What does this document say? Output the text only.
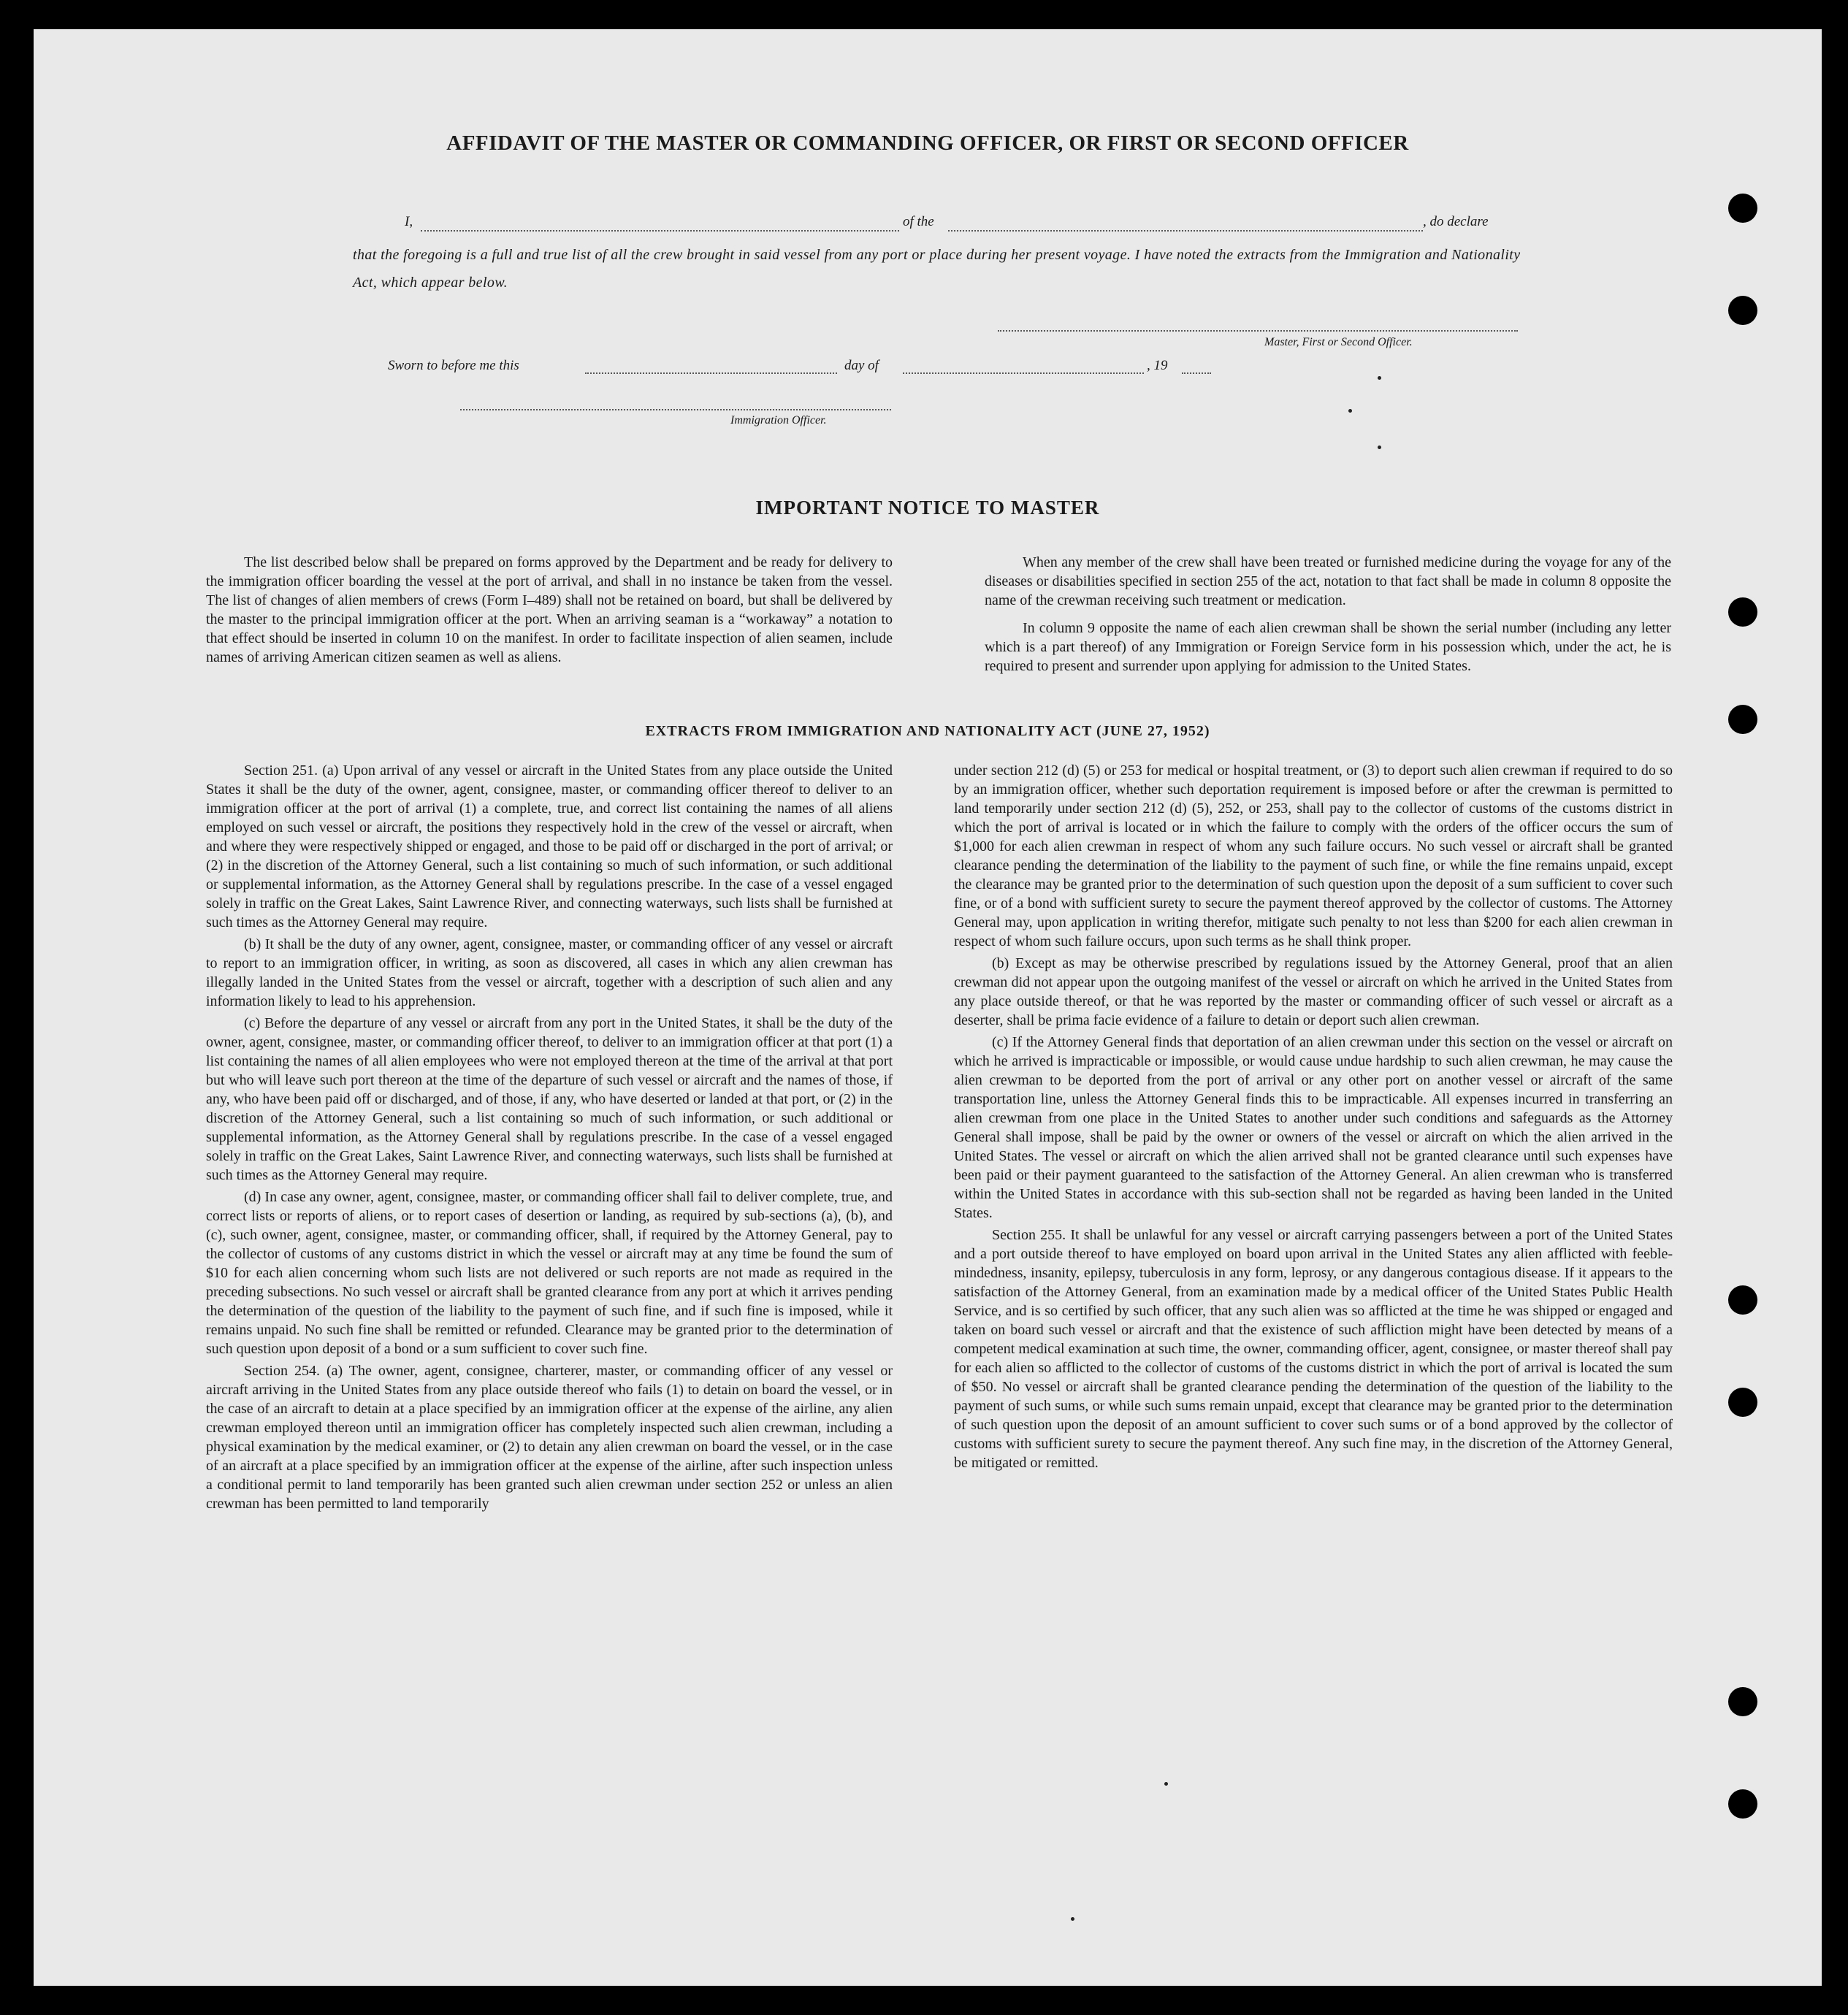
AFFIDAVIT OF THE MASTER OR COMMANDING OFFICER, OR FIRST OR SECOND OFFICER
I,	of the	, do declare
that the foregoing is a full and true list of all the crew brought in said vessel from any port or place during her present voyage. I have noted the extracts from the Immigration and Nationality Act, which appear below.
Master, First or Second Officer.
Sworn to before me this	day of	, 19
Immigration Officer.
IMPORTANT NOTICE TO MASTER

The list described below shall be prepared on forms approved by the Department and be ready for delivery to the immigration officer boarding the vessel at the port of arrival, and shall in no instance be taken from the vessel. The list of changes of alien members of crews (Form I–489) shall not be retained on board, but shall be delivered by the master to the principal immigration officer at the port. When an arriving seaman is a “workaway” a notation to that effect should be inserted in column 10 on the manifest. In order to facilitate inspection of alien seamen, include names of arriving American citizen seamen as well as aliens.

When any member of the crew shall have been treated or furnished medicine during the voyage for any of the diseases or disabilities specified in section 255 of the act, notation to that fact shall be made in column 8 opposite the name of the crewman receiving such treatment or medication.

In column 9 opposite the name of each alien crewman shall be shown the serial number (including any letter which is a part thereof) of any Immigration or Foreign Service form in his possession which, under the act, he is required to present and surrender upon applying for admission to the United States.

EXTRACTS FROM IMMIGRATION AND NATIONALITY ACT (JUNE 27, 1952)

Section 251. (a) Upon arrival of any vessel or aircraft in the United States from any place outside the United States it shall be the duty of the owner, agent, consignee, master, or commanding officer thereof to deliver to an immigration officer at the port of arrival (1) a complete, true, and correct list containing the names of all aliens employed on such vessel or aircraft, the positions they respectively hold in the crew of the vessel or aircraft, when and where they were respectively shipped or engaged, and those to be paid off or discharged in the port of arrival; or (2) in the discretion of the Attorney General, such a list containing so much of such information, or such additional or supplemental information, as the Attorney General shall by regulations prescribe. In the case of a vessel engaged solely in traffic on the Great Lakes, Saint Lawrence River, and connecting waterways, such lists shall be furnished at such times as the Attorney General may require.

(b) It shall be the duty of any owner, agent, consignee, master, or commanding officer of any vessel or aircraft to report to an immigration officer, in writing, as soon as discovered, all cases in which any alien crewman has illegally landed in the United States from the vessel or aircraft, together with a description of such alien and any information likely to lead to his apprehension.

(c) Before the departure of any vessel or aircraft from any port in the United States, it shall be the duty of the owner, agent, consignee, master, or commanding officer thereof, to deliver to an immigration officer at that port (1) a list containing the names of all alien employees who were not employed thereon at the time of the arrival at that port but who will leave such port thereon at the time of the departure of such vessel or aircraft and the names of those, if any, who have been paid off or discharged, and of those, if any, who have deserted or landed at that port, or (2) in the discretion of the Attorney General, such a list containing so much of such information, or such additional or supplemental information, as the Attorney General shall by regulations prescribe. In the case of a vessel engaged solely in traffic on the Great Lakes, Saint Lawrence River, and connecting waterways, such lists shall be furnished at such times as the Attorney General may require.

(d) In case any owner, agent, consignee, master, or commanding officer shall fail to deliver complete, true, and correct lists or reports of aliens, or to report cases of desertion or landing, as required by sub-sections (a), (b), and (c), such owner, agent, consignee, master, or commanding officer, shall, if required by the Attorney General, pay to the collector of customs of any customs district in which the vessel or aircraft may at any time be found the sum of $10 for each alien concerning whom such lists are not delivered or such reports are not made as required in the preceding subsections. No such vessel or aircraft shall be granted clearance from any port at which it arrives pending the determination of the question of the liability to the payment of such fine, and if such fine is imposed, while it remains unpaid. No such fine shall be remitted or refunded. Clearance may be granted prior to the determination of such question upon deposit of a bond or a sum sufficient to cover such fine.

Section 254. (a) The owner, agent, consignee, charterer, master, or commanding officer of any vessel or aircraft arriving in the United States from any place outside thereof who fails (1) to detain on board the vessel, or in the case of an aircraft to detain at a place specified by an immigration officer at the expense of the airline, any alien crewman employed thereon until an immigration officer has completely inspected such alien crewman, including a physical examination by the medical examiner, or (2) to detain any alien crewman on board the vessel, or in the case of an aircraft at a place specified by an immigration officer at the expense of the airline, after such inspection unless a conditional permit to land temporarily has been granted such alien crewman under section 252 or unless an alien crewman has been permitted to land temporarily

under section 212 (d) (5) or 253 for medical or hospital treatment, or (3) to deport such alien crewman if required to do so by an immigration officer, whether such deportation requirement is imposed before or after the crewman is permitted to land temporarily under section 212 (d) (5), 252, or 253, shall pay to the collector of customs of the customs district in which the port of arrival is located or in which the failure to comply with the orders of the officer occurs the sum of $1,000 for each alien crewman in respect of whom any such failure occurs. No such vessel or aircraft shall be granted clearance pending the determination of the liability to the payment of such fine, or while the fine remains unpaid, except the clearance may be granted prior to the determination of such question upon the deposit of a sum sufficient to cover such fine, or of a bond with sufficient surety to secure the payment thereof approved by the collector of customs. The Attorney General may, upon application in writing therefor, mitigate such penalty to not less than $200 for each alien crewman in respect of whom such failure occurs, upon such terms as he shall think proper.

(b) Except as may be otherwise prescribed by regulations issued by the Attorney General, proof that an alien crewman did not appear upon the outgoing manifest of the vessel or aircraft on which he arrived in the United States from any place outside thereof, or that he was reported by the master or commanding officer of such vessel or aircraft as a deserter, shall be prima facie evidence of a failure to detain or deport such alien crewman.

(c) If the Attorney General finds that deportation of an alien crewman under this section on the vessel or aircraft on which he arrived is impracticable or impossible, or would cause undue hardship to such alien crewman, he may cause the alien crewman to be deported from the port of arrival or any other port on another vessel or aircraft of the same transportation line, unless the Attorney General finds this to be impracticable. All expenses incurred in transferring an alien crewman from one place in the United States to another under such conditions and safeguards as the Attorney General shall impose, shall be paid by the owner or owners of the vessel or aircraft on which the alien arrived in the United States. The vessel or aircraft on which the alien arrived shall not be granted clearance until such expenses have been paid or their payment guaranteed to the satisfaction of the Attorney General. An alien crewman who is transferred within the United States in accordance with this sub-section shall not be regarded as having been landed in the United States.

Section 255. It shall be unlawful for any vessel or aircraft carrying passengers between a port of the United States and a port outside thereof to have employed on board upon arrival in the United States any alien afflicted with feeble-mindedness, insanity, epilepsy, tuberculosis in any form, leprosy, or any dangerous contagious disease. If it appears to the satisfaction of the Attorney General, from an examination made by a medical officer of the United States Public Health Service, and is so certified by such officer, that any such alien was so afflicted at the time he was shipped or engaged and taken on board such vessel or aircraft and that the existence of such affliction might have been detected by means of a competent medical examination at such time, the owner, commanding officer, agent, consignee, or master thereof shall pay for each alien so afflicted to the collector of customs of the customs district in which the port of arrival is located the sum of $50. No vessel or aircraft shall be granted clearance pending the determination of the question of the liability to the payment of such sums, or while such sums remain unpaid, except that clearance may be granted prior to the determination of such question upon the deposit of an amount sufficient to cover such sums or of a bond approved by the collector of customs with sufficient surety to secure the payment thereof. Any such fine may, in the discretion of the Attorney General, be mitigated or remitted.
